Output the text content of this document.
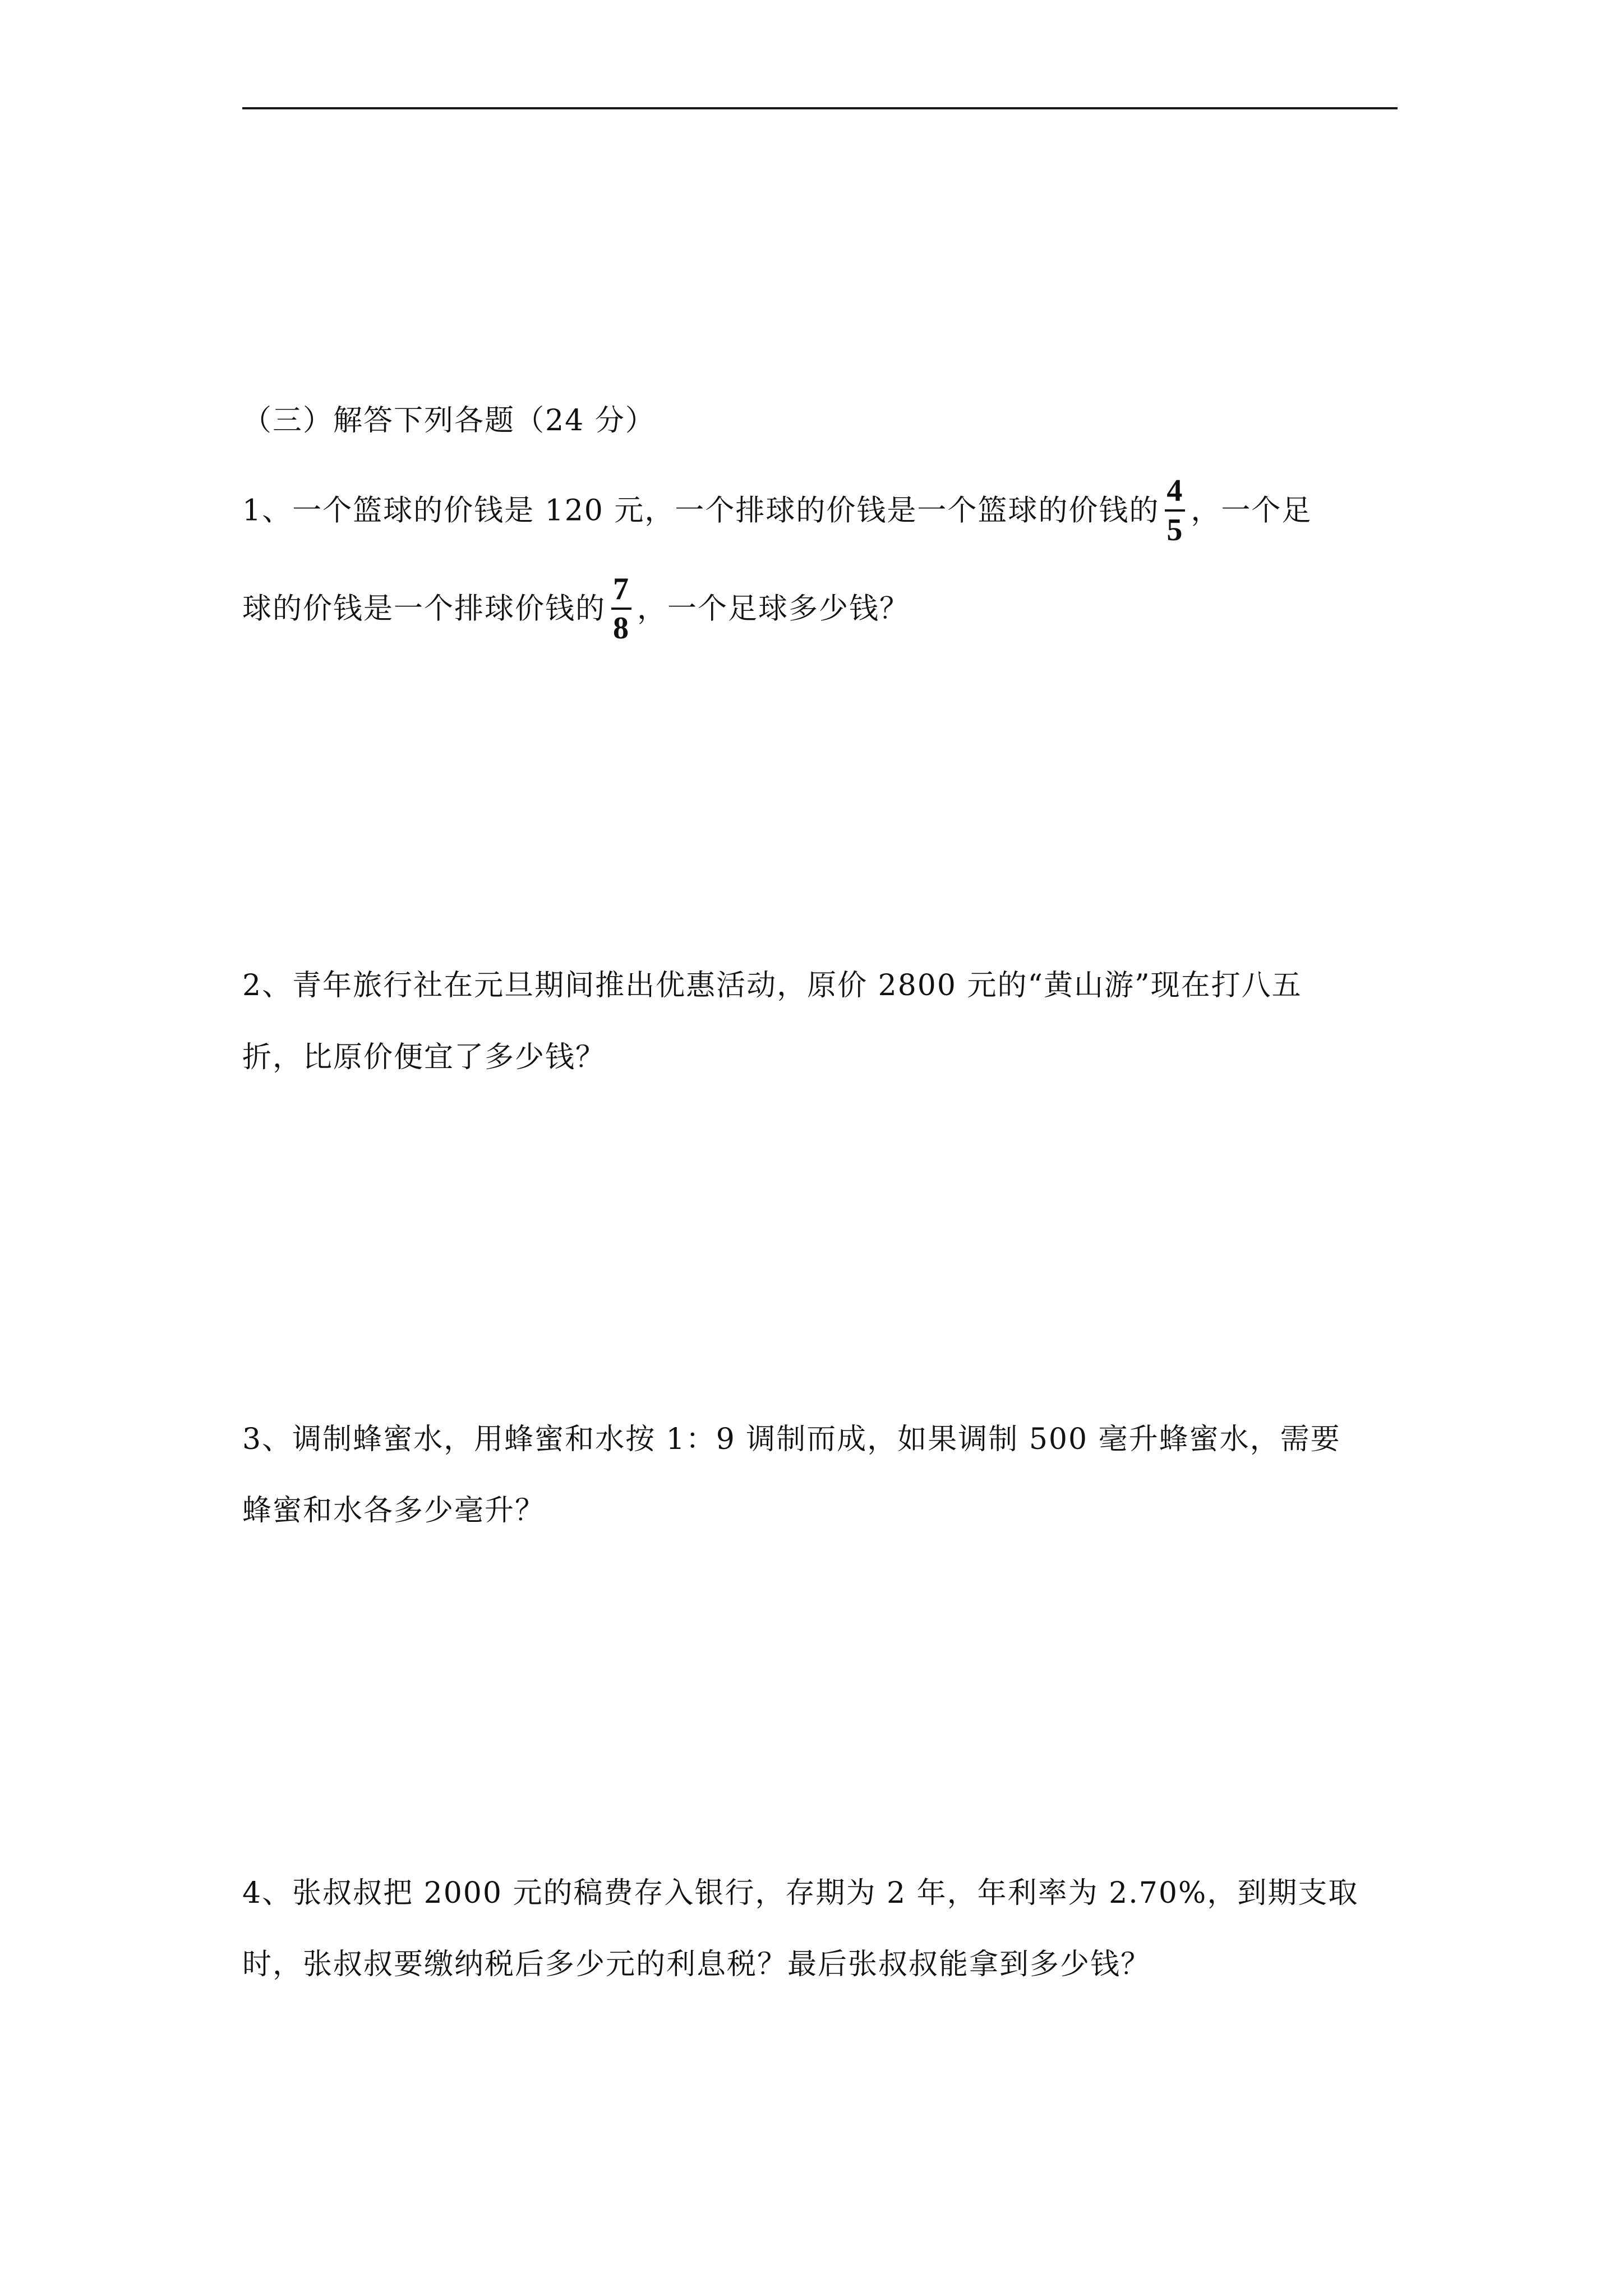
（三）解答下列各题（24 分）
1、一个篮球的价钱是 120 元，一个排球的价钱是一个篮球的价钱的 $\frac{4}{5}$ ，一个足
球的价钱是一个排球价钱的 $\frac{7}{8}$ ，一个足球多少钱？
2、青年旅行社在元旦期间推出优惠活动，原价 2800 元的“黄山游”现在打八五
折，比原价便宜了多少钱？
3、调制蜂蜜水，用蜂蜜和水按 1：9 调制而成，如果调制 500 毫升蜂蜜水，需要
蜂蜜和水各多少毫升？
4、张叔叔把 2000 元的稿费存入银行，存期为 2 年，年利率为 2.70%，到期支取
时，张叔叔要缴纳税后多少元的利息税？最后张叔叔能拿到多少钱？
